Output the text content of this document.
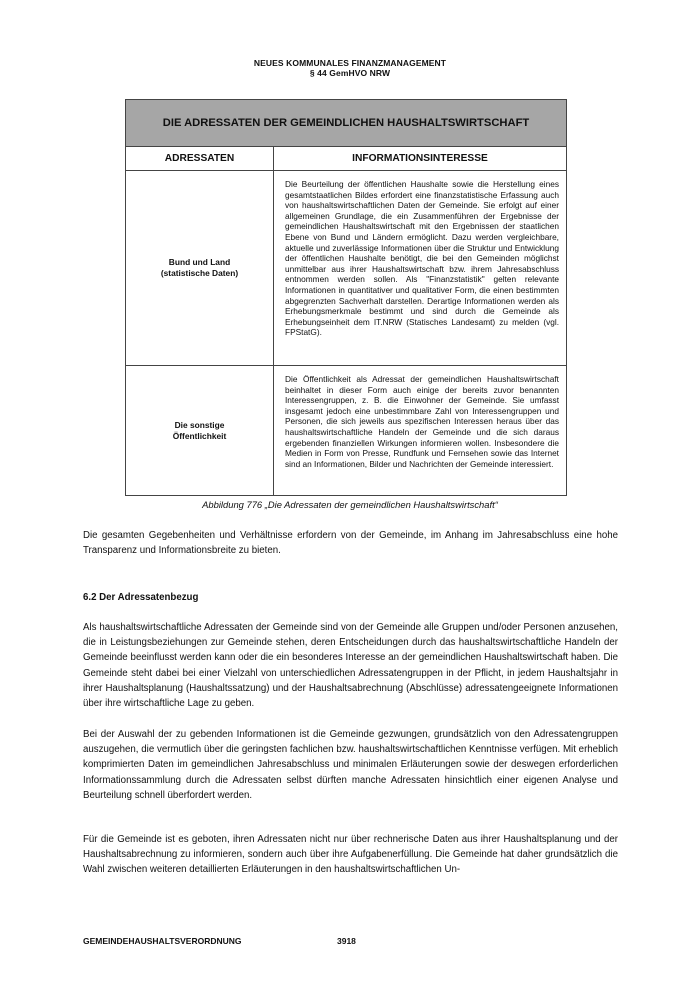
NEUES KOMMUNALES FINANZMANAGEMENT
§ 44 GemHVO NRW
DIE ADRESSATEN DER GEMEINDLICHEN HAUSHALTSWIRTSCHAFT	
ADRESSATEN	INFORMATIONSINTERESSE

Bund und Land
(statistische Daten)	Die Beurteilung der öffentlichen Haushalte sowie die Herstellung eines gesamtstaatlichen Bildes erfordert eine finanzstatistische Erfassung auch von haushaltswirtschaftlichen Daten der Gemeinde. Sie erfolgt auf einer allgemeinen Grundlage, die ein Zusammenführen der Ergebnisse der gemeindlichen Haushaltswirtschaft mit den Ergebnissen der staatlichen Ebene von Bund und Ländern ermöglicht. Dazu werden vergleichbare, aktuelle und zuverlässige Informationen über die Struktur und Entwicklung der öffentlichen Haushalte benötigt, die bei den Gemeinden möglichst unmittelbar aus ihrer Haushaltswirtschaft bzw. ihrem Jahresabschluss entnommen werden sollen. Als "Finanzstatistik" gelten relevante Informationen in quantitativer und qualitativer Form, die einen bestimmten abgegrenzten Sachverhalt darstellen. Derartige Informationen werden als Erhebungsmerkmale bestimmt und sind durch die Gemeinde als Erhebungseinheit dem IT.NRW (Statisches Landesamt) zu melden (vgl. FPStatG).

Die sonstige
Öffentlichkeit	Die Öffentlichkeit als Adressat der gemeindlichen Haushaltswirtschaft beinhaltet in dieser Form auch einige der bereits zuvor benannten Interessengruppen, z. B. die Einwohner der Gemeinde. Sie umfasst insgesamt jedoch eine unbestimmbare Zahl von Interessengruppen und Personen, die sich jeweils aus spezifischen Interessen heraus über das haushaltswirtschaftliche Handeln der Gemeinde und die sich daraus ergebenden finanziellen Wirkungen informieren wollen. Insbesondere die Medien in Form von Presse, Rundfunk und Fernsehen sowie das Internet sind an Informationen, Bilder und Nachrichten der Gemeinde interessiert.
Abbildung 776 „Die Adressaten der gemeindlichen Haushaltswirtschaft“

Die gesamten Gegebenheiten und Verhältnisse erfordern von der Gemeinde, im Anhang im Jahresabschluss eine hohe Transparenz und Informationsbreite zu bieten.

6.2 Der Adressatenbezug

Als haushaltswirtschaftliche Adressaten der Gemeinde sind von der Gemeinde alle Gruppen und/oder Personen anzusehen, die in Leistungsbeziehungen zur Gemeinde stehen, deren Entscheidungen durch das haushaltswirtschaftliche Handeln der Gemeinde beeinflusst werden kann oder die ein besonderes Interesse an der gemeindlichen Haushaltswirtschaft haben. Die Gemeinde steht dabei bei einer Vielzahl von unterschiedlichen Adressatengruppen in der Pflicht, in jedem Haushaltsjahr in ihrer Haushaltsplanung (Haushaltssatzung) und der Haushaltsabrechnung (Abschlüsse) adressatengeeignete Informationen über ihre wirtschaftliche Lage zu geben.

Bei der Auswahl der zu gebenden Informationen ist die Gemeinde gezwungen, grundsätzlich von den Adressatengruppen auszugehen, die vermutlich über die geringsten fachlichen bzw. haushaltswirtschaftlichen Kenntnisse verfügen. Mit erheblich komprimierten Daten im gemeindlichen Jahresabschluss und minimalen Erläuterungen sowie der deswegen erforderlichen Informationssammlung durch die Adressaten selbst dürften manche Adressaten hinsichtlich einer eigenen Analyse und Beurteilung schnell überfordert werden.

Für die Gemeinde ist es geboten, ihren Adressaten nicht nur über rechnerische Daten aus ihrer Haushaltsplanung und der Haushaltsabrechnung zu informieren, sondern auch über ihre Aufgabenerfüllung. Die Gemeinde hat daher grundsätzlich die Wahl zwischen weiteren detaillierten Erläuterungen in den haushaltswirtschaftlichen Un-

GEMEINDEHAUSHALTSVERORDNUNG	3918
